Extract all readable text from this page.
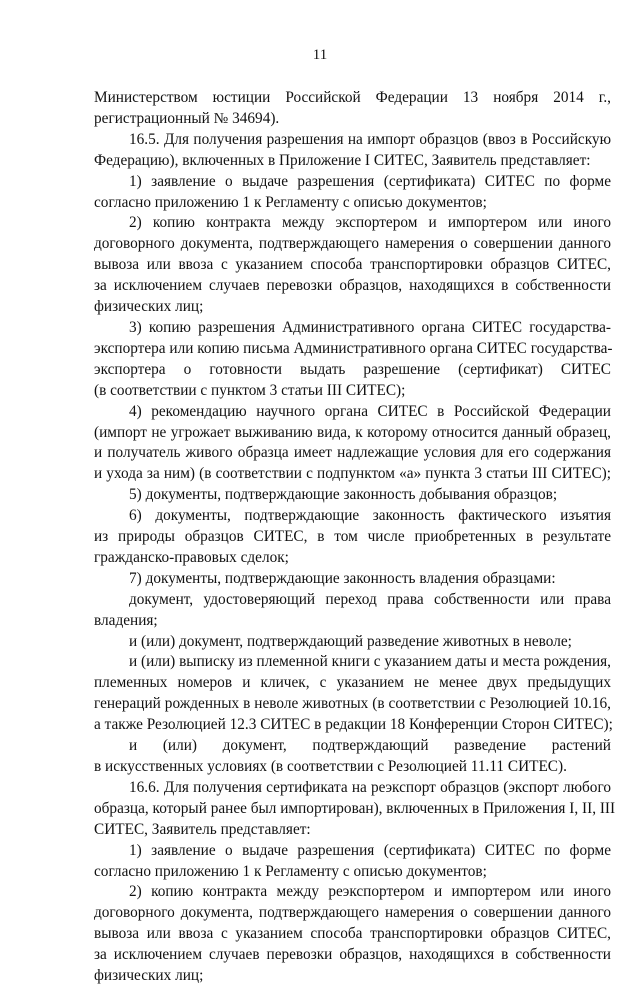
11
Министерством юстиции Российской Федерации 13 ноября 2014 г.,
регистрационный № 34694).
16.5. Для получения разрешения на импорт образцов (ввоз в Российскую
Федерацию), включенных в Приложение I СИТЕС, Заявитель представляет:
1) заявление о выдаче разрешения (сертификата) СИТЕС по форме
согласно приложению 1 к Регламенту с описью документов;
2) копию контракта между экспортером и импортером или иного
договорного документа, подтверждающего намерения о совершении данного
вывоза или ввоза с указанием способа транспортировки образцов СИТЕС,
за исключением случаев перевозки образцов, находящихся в собственности
физических лиц;
3) копию разрешения Административного органа СИТЕС государства-
экспортера или копию письма Административного органа СИТЕС государства-
экспортера о готовности выдать разрешение (сертификат) СИТЕС
(в соответствии с пунктом 3 статьи III СИТЕС);
4) рекомендацию научного органа СИТЕС в Российской Федерации
(импорт не угрожает выживанию вида, к которому относится данный образец,
и получатель живого образца имеет надлежащие условия для его содержания
и ухода за ним) (в соответствии с подпунктом «а» пункта 3 статьи III СИТЕС);
5) документы, подтверждающие законность добывания образцов;
6) документы, подтверждающие законность фактического изъятия
из природы образцов СИТЕС, в том числе приобретенных в результате
гражданско-правовых сделок;
7) документы, подтверждающие законность владения образцами:
документ, удостоверяющий переход права собственности или права
владения;
и (или) документ, подтверждающий разведение животных в неволе;
и (или) выписку из племенной книги с указанием даты и места рождения,
племенных номеров и кличек, с указанием не менее двух предыдущих
генераций рожденных в неволе животных (в соответствии с Резолюцией 10.16,
а также Резолюцией 12.3 СИТЕС в редакции 18 Конференции Сторон СИТЕС);
и (или) документ, подтверждающий разведение растений
в искусственных условиях (в соответствии с Резолюцией 11.11 СИТЕС).
16.6. Для получения сертификата на реэкспорт образцов (экспорт любого
образца, который ранее был импортирован), включенных в Приложения I, II, III
СИТЕС, Заявитель представляет:
1) заявление о выдаче разрешения (сертификата) СИТЕС по форме
согласно приложению 1 к Регламенту с описью документов;
2) копию контракта между реэкспортером и импортером или иного
договорного документа, подтверждающего намерения о совершении данного
вывоза или ввоза с указанием способа транспортировки образцов СИТЕС,
за исключением случаев перевозки образцов, находящихся в собственности
физических лиц;
